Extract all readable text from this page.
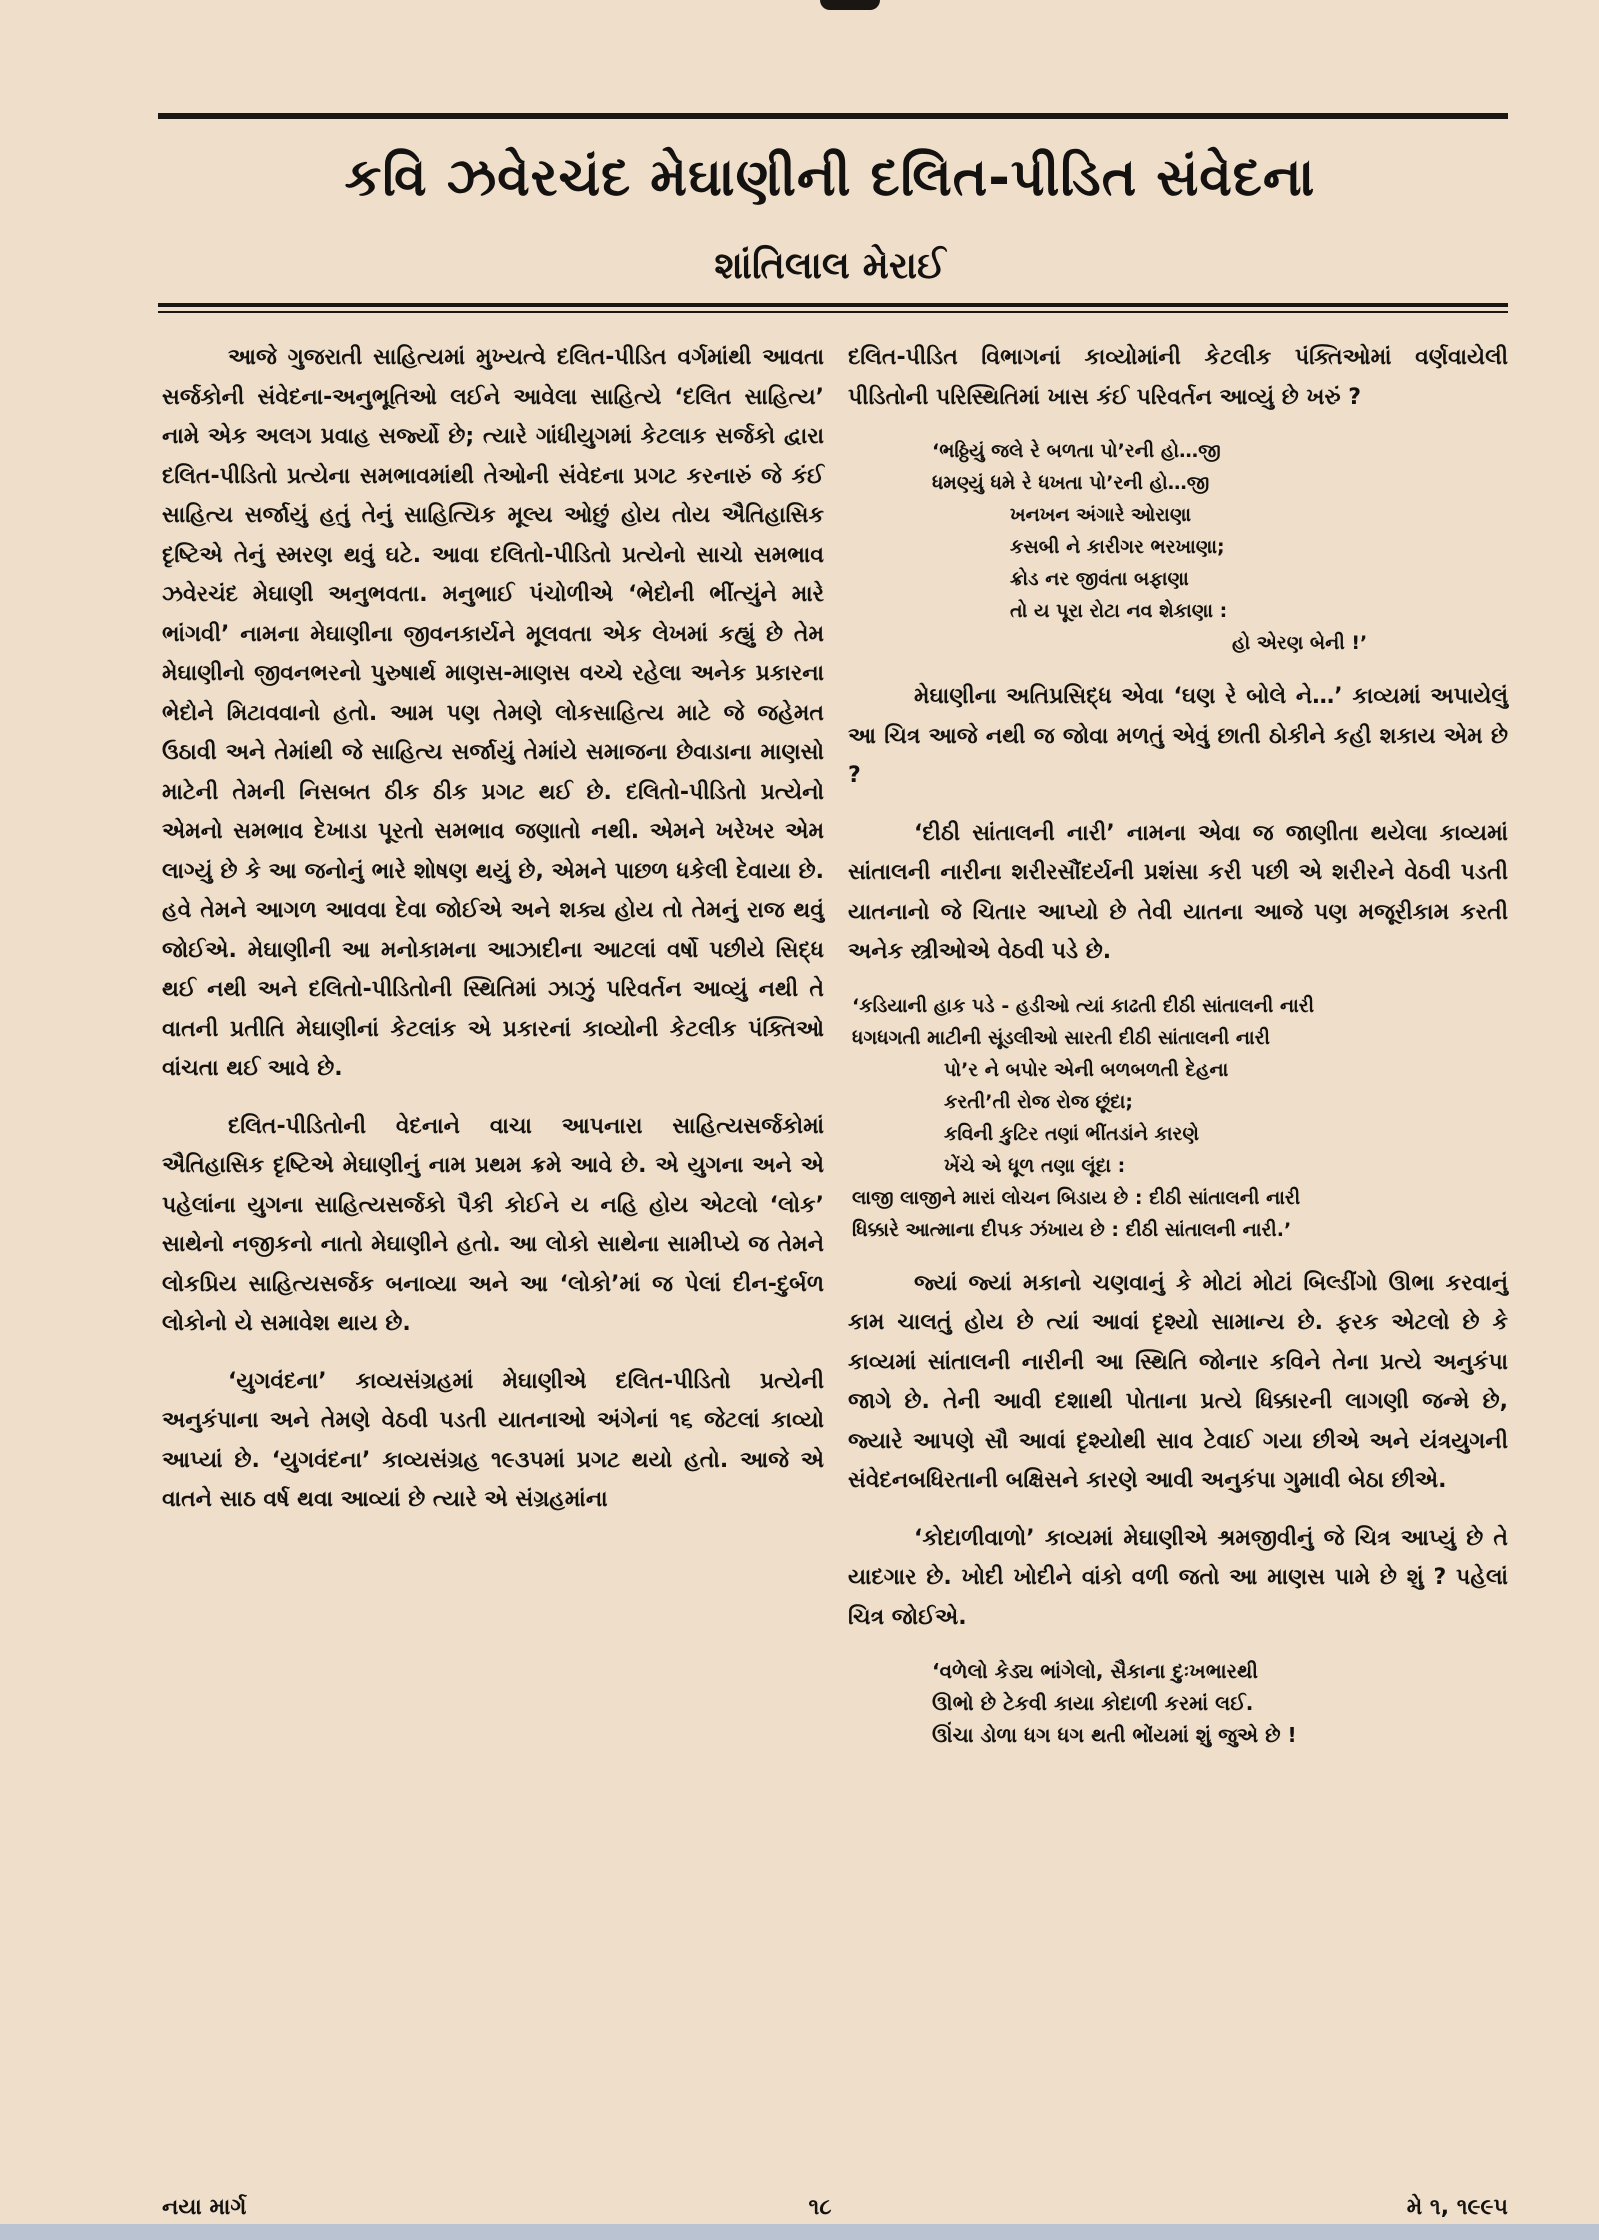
કવિ ઝવેરચંદ મેઘાણીની દલિત-પીડિત સંવેદના
શાંતિલાલ મેરાઈ

આજે ગુજરાતી સાહિત્યમાં મુખ્યત્વે દલિત-પીડિત વર્ગમાંથી આવતા સર્જકોની સંવેદના-અનુભૂતિઓ લઈને આવેલા સાહિત્યે ‘દલિત સાહિત્ય’ નામે એક અલગ પ્રવાહ સર્જ્યો છે; ત્યારે ગાંધીયુગમાં કેટલાક સર્જકો દ્વારા દલિત-પીડિતો પ્રત્યેના સમભાવમાંથી તેઓની સંવેદના પ્રગટ કરનારું જે કંઈ સાહિત્ય સર્જાયું હતું તેનું સાહિત્યિક મૂલ્ય ઓછું હોય તોય ઐતિહાસિક દૃષ્ટિએ તેનું સ્મરણ થવું ઘટે. આવા દલિતો-પીડિતો પ્રત્યેનો સાચો સમભાવ ઝવેરચંદ મેઘાણી અનુભવતા. મનુભાઈ પંચોળીએ ‘ભેદોની ભીંત્યુંને મારે ભાંગવી’ નામના મેઘાણીના જીવનકાર્યને મૂલવતા એક લેખમાં કહ્યું છે તેમ મેઘાણીનો જીવનભરનો પુરુષાર્થ માણસ-માણસ વચ્ચે રહેલા અનેક પ્રકારના ભેદોને મિટાવવાનો હતો. આમ પણ તેમણે લોકસાહિત્ય માટે જે જહેમત ઉઠાવી અને તેમાંથી જે સાહિત્ય સર્જાયું તેમાંયે સમાજના છેવાડાના માણસો માટેની તેમની નિસબત ઠીક ઠીક પ્રગટ થઈ છે. દલિતો-પીડિતો પ્રત્યેનો એમનો સમભાવ દેખાડા પૂરતો સમભાવ જણાતો નથી. એમને ખરેખર એમ લાગ્યું છે કે આ જનોનું ભારે શોષણ થયું છે, એમને પાછળ ધકેલી દેવાયા છે. હવે તેમને આગળ આવવા દેવા જોઈએ અને શક્ય હોય તો તેમનું રાજ થવું જોઈએ. મેઘાણીની આ મનોકામના આઝાદીના આટલાં વર્ષો પછીયે સિદ્ધ થઈ નથી અને દલિતો-પીડિતોની સ્થિતિમાં ઝાઝું પરિવર્તન આવ્યું નથી તે વાતની પ્રતીતિ મેઘાણીનાં કેટલાંક એ પ્રકારનાં કાવ્યોની કેટલીક પંક્તિઓ વાંચતા થઈ આવે છે.

દલિત-પીડિતોની વેદનાને વાચા આપનારા સાહિત્યસર્જકોમાં ઐતિહાસિક દૃષ્ટિએ મેઘાણીનું નામ પ્રથમ ક્રમે આવે છે. એ યુગના અને એ પહેલાંના યુગના સાહિત્યસર્જકો પૈકી કોઈને ય નહિ હોય એટલો ‘લોક’ સાથેનો નજીકનો નાતો મેઘાણીને હતો. આ લોકો સાથેના સામીપ્યે જ તેમને લોકપ્રિય સાહિત્યસર્જક બનાવ્યા અને આ ‘લોકો’માં જ પેલાં દીન-દુર્બળ લોકોનો યે સમાવેશ થાય છે.

‘યુગવંદના’ કાવ્યસંગ્રહમાં મેઘાણીએ દલિત-પીડિતો પ્રત્યેની અનુકંપાના અને તેમણે વેઠવી પડતી યાતનાઓ અંગેનાં ૧૬ જેટલાં કાવ્યો આપ્યાં છે. ‘યુગવંદના’ કાવ્યસંગ્રહ ૧૯૩૫માં પ્રગટ થયો હતો. આજે એ વાતને સાઠ વર્ષ થવા આવ્યાં છે ત્યારે એ સંગ્રહમાંના

દલિત-પીડિત વિભાગનાં કાવ્યોમાંની કેટલીક પંક્તિઓમાં વર્ણવાયેલી પીડિતોની પરિસ્થિતિમાં ખાસ કંઈ પરિવર્તન આવ્યું છે ખરું ?

‘ભઠ્ઠિયું જલે રે બળતા પો’રની હો…જી
ધમણ્યું ધમે રે ધખતા પો’રની હો…જી
ખનખન અંગારે ઓરાણા
કસબી ને કારીગર ભરખાણા;
ક્રોડ નર જીવંતા બફાણા
તો ય પૂરા રોટા નવ શેકાણા :
હો એરણ બેની !’

મેઘાણીના અતિપ્રસિદ્ધ એવા ‘ઘણ રે બોલે ને…’ કાવ્યમાં અપાયેલું આ ચિત્ર આજે નથી જ જોવા મળતું એવું છાતી ઠોકીને કહી શકાય એમ છે ?

‘દીઠી સાંતાલની નારી’ નામના એવા જ જાણીતા થયેલા કાવ્યમાં સાંતાલની નારીના શરીરસૌંદર્યની પ્રશંસા કરી પછી એ શરીરને વેઠવી પડતી યાતનાનો જે ચિતાર આપ્યો છે તેવી યાતના આજે પણ મજૂરીકામ કરતી અનેક સ્ત્રીઓએ વેઠવી પડે છે.

‘કડિયાની હાક પડે - હડીઓ ત્યાં કાઢતી દીઠી સાંતાલની નારી
ધગધગતી માટીની સૂંડલીઓ સારતી દીઠી સાંતાલની નારી
પો’ર ને બપોર એની બળબળતી દેહના
કરતી’તી રોજ રોજ છૂંદા;
કવિની કુટિર તણાં ભીંતડાંને કારણે
ખેંચે એ ધૂળ તણા લૂંદા :
લાજી લાજીને મારાં લોચન બિડાય છે : દીઠી સાંતાલની નારી
ધિક્કારે આત્માના દીપક ઝંખાય છે : દીઠી સાંતાલની નારી.’

જ્યાં જ્યાં મકાનો ચણવાનું કે મોટાં મોટાં બિલ્ડીંગો ઊભા કરવાનું કામ ચાલતું હોય છે ત્યાં આવાં દૃશ્યો સામાન્ય છે. ફરક એટલો છે કે કાવ્યમાં સાંતાલની નારીની આ સ્થિતિ જોનાર કવિને તેના પ્રત્યે અનુકંપા જાગે છે. તેની આવી દશાથી પોતાના પ્રત્યે ધિક્કારની લાગણી જન્મે છે, જ્યારે આપણે સૌ આવાં દૃશ્યોથી સાવ ટેવાઈ ગયા છીએ અને યંત્રયુગની સંવેદનબધિરતાની બક્ષિસને કારણે આવી અનુકંપા ગુમાવી બેઠા છીએ.

‘કોદાળીવાળો’ કાવ્યમાં મેઘાણીએ શ્રમજીવીનું જે ચિત્ર આપ્યું છે તે યાદગાર છે. ખોદી ખોદીને વાંકો વળી જતો આ માણસ પામે છે શું ? પહેલાં ચિત્ર જોઈએ.

‘વળેલો કેડ્ય ભાંગેલો, સૈકાના દુઃખભારથી
ઊભો છે ટેકવી કાયા કોદાળી કરમાં લઈ.
ઊંચા ડોળા ધગ ધગ થતી ભોંયમાં શું જુએ છે !
નયા માર્ગ	૧૮	મે ૧, ૧૯૯૫
